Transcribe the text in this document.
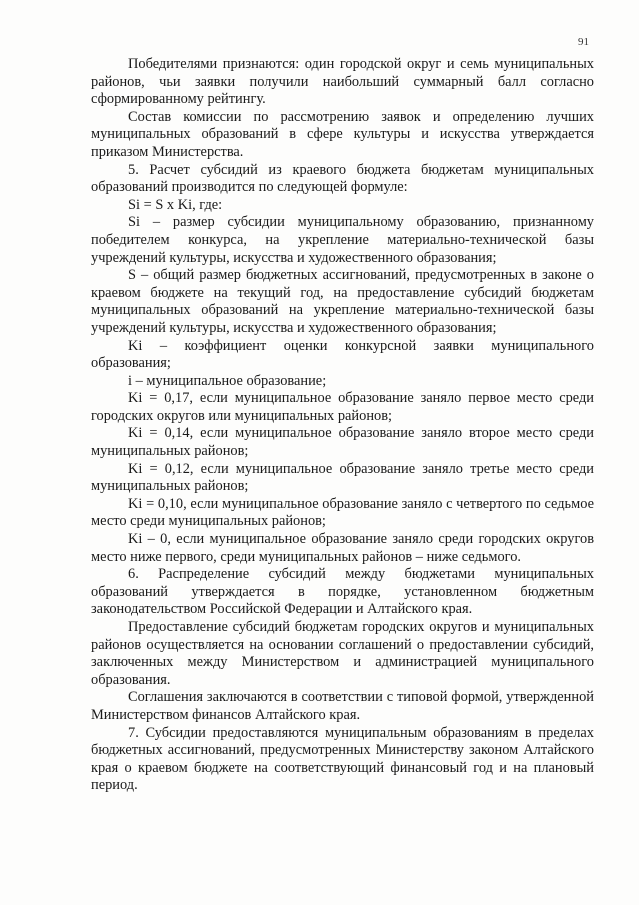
91

Победителями признаются: один городской округ и семь муниципальных районов, чьи заявки получили наибольший суммарный балл согласно сформированному рейтингу.

Состав комиссии по рассмотрению заявок и определению лучших муниципальных образований в сфере культуры и искусства утверждается приказом Министерства.

5. Расчет субсидий из краевого бюджета бюджетам муниципальных образований производится по следующей формуле:

Si = S x Ki, где:

Si – размер субсидии муниципальному образованию, признанному победителем конкурса, на укрепление материально-технической базы учреждений культуры, искусства и художественного образования;

S – общий размер бюджетных ассигнований, предусмотренных в законе о краевом бюджете на текущий год, на предоставление субсидий бюджетам муниципальных образований на укрепление материально-технической базы учреждений культуры, искусства и художественного образования;

Ki – коэффициент оценки конкурсной заявки муниципального образования;

i – муниципальное образование;

Ki = 0,17, если муниципальное образование заняло первое место среди городских округов или муниципальных районов;

Ki = 0,14, если муниципальное образование заняло второе место среди муниципальных районов;

Ki = 0,12, если муниципальное образование заняло третье место среди муниципальных районов;

Ki = 0,10, если муниципальное образование заняло с четвертого по седьмое место среди муниципальных районов;

Ki – 0, если муниципальное образование заняло среди городских округов место ниже первого, среди муниципальных районов – ниже седьмого.

6. Распределение субсидий между бюджетами муниципальных образований утверждается в порядке, установленном бюджетным законодательством Российской Федерации и Алтайского края.

Предоставление субсидий бюджетам городских округов и муниципальных районов осуществляется на основании соглашений о предоставлении субсидий, заключенных между Министерством и администрацией муниципального образования.

Соглашения заключаются в соответствии с типовой формой, утвержденной Министерством финансов Алтайского края.

7. Субсидии предоставляются муниципальным образованиям в пределах бюджетных ассигнований, предусмотренных Министерству законом Алтайского края о краевом бюджете на соответствующий финансовый год и на плановый период.
